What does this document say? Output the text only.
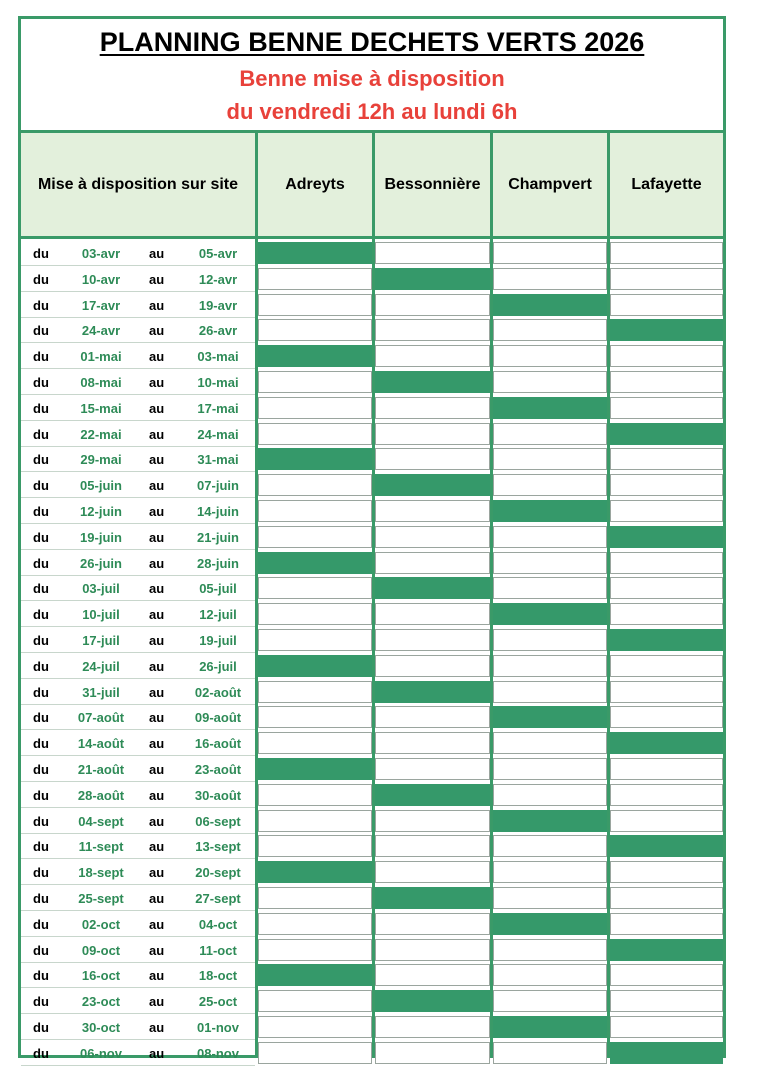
PLANNING BENNE DECHETS VERTS 2026
Benne mise à disposition
du vendredi 12h au lundi 6h
Mise à disposition sur site	Adreyts	Bessonnière	Champvert	Lafayette
du	03-avr	au	05-avr
du	10-avr	au	12-avr
du	17-avr	au	19-avr
du	24-avr	au	26-avr
du	01-mai	au	03-mai
du	08-mai	au	10-mai
du	15-mai	au	17-mai
du	22-mai	au	24-mai
du	29-mai	au	31-mai
du	05-juin	au	07-juin
du	12-juin	au	14-juin
du	19-juin	au	21-juin
du	26-juin	au	28-juin
du	03-juil	au	05-juil
du	10-juil	au	12-juil
du	17-juil	au	19-juil
du	24-juil	au	26-juil
du	31-juil	au	02-août
du	07-août	au	09-août
du	14-août	au	16-août
du	21-août	au	23-août
du	28-août	au	30-août
du	04-sept	au	06-sept
du	11-sept	au	13-sept
du	18-sept	au	20-sept
du	25-sept	au	27-sept
du	02-oct	au	04-oct
du	09-oct	au	11-oct
du	16-oct	au	18-oct
du	23-oct	au	25-oct
du	30-oct	au	01-nov
du	06-nov	au	08-nov
